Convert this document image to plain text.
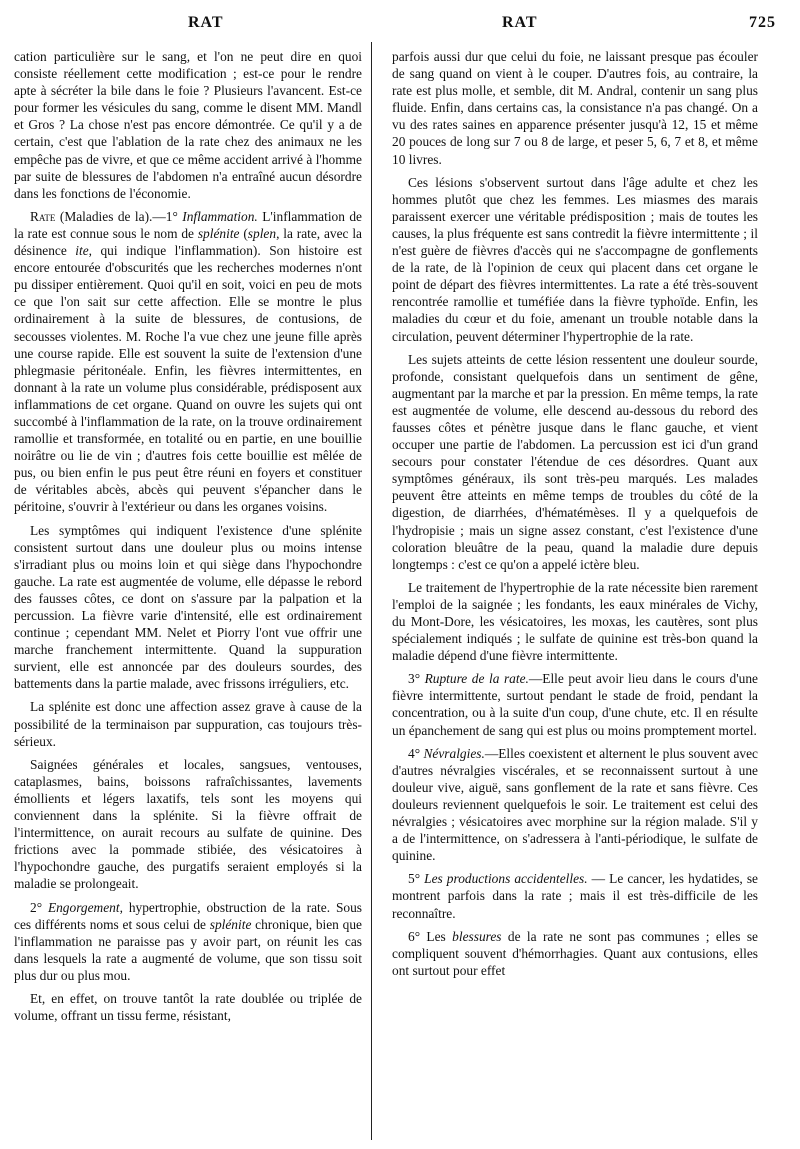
RAT	RAT	725

cation particulière sur le sang, et l'on ne peut dire en quoi consiste réellement cette modification ; est-ce pour le rendre apte à sécréter la bile dans le foie ? Plusieurs l'avancent. Est-ce pour former les vésicules du sang, comme le disent MM. Mandl et Gros ? La chose n'est pas encore démontrée. Ce qu'il y a de certain, c'est que l'ablation de la rate chez des animaux ne les empêche pas de vivre, et que ce même accident arrivé à l'homme par suite de blessures de l'abdomen n'a entraîné aucun désordre dans les fonctions de l'économie.

Rate (Maladies de la).—1° Inflammation. L'inflammation de la rate est connue sous le nom de splénite (splen, la rate, avec la désinence ite, qui indique l'inflammation). Son histoire est encore entourée d'obscurités que les recherches modernes n'ont pu dissiper entièrement. Quoi qu'il en soit, voici en peu de mots ce que l'on sait sur cette affection. Elle se montre le plus ordinairement à la suite de blessures, de contusions, de secousses violentes. M. Roche l'a vue chez une jeune fille après une course rapide. Elle est souvent la suite de l'extension d'une phlegmasie péritonéale. Enfin, les fièvres intermittentes, en donnant à la rate un volume plus considérable, prédisposent aux inflammations de cet organe. Quand on ouvre les sujets qui ont succombé à l'inflammation de la rate, on la trouve ordinairement ramollie et transformée, en totalité ou en partie, en une bouillie noirâtre ou lie de vin ; d'autres fois cette bouillie est mêlée de pus, ou bien enfin le pus peut être réuni en foyers et constituer de véritables abcès, abcès qui peuvent s'épancher dans le péritoine, s'ouvrir à l'extérieur ou dans les organes voisins.

Les symptômes qui indiquent l'existence d'une splénite consistent surtout dans une douleur plus ou moins intense s'irradiant plus ou moins loin et qui siège dans l'hypochondre gauche. La rate est augmentée de volume, elle dépasse le rebord des fausses côtes, ce dont on s'assure par la palpation et la percussion. La fièvre varie d'intensité, elle est ordinairement continue ; cependant MM. Nelet et Piorry l'ont vue offrir une marche franchement intermittente. Quand la suppuration survient, elle est annoncée par des douleurs sourdes, des battements dans la partie malade, avec frissons irréguliers, etc.

La splénite est donc une affection assez grave à cause de la possibilité de la terminaison par suppuration, cas toujours très-sérieux.

Saignées générales et locales, sangsues, ventouses, cataplasmes, bains, boissons rafraîchissantes, lavements émollients et légers laxatifs, tels sont les moyens qui conviennent dans la splénite. Si la fièvre offrait de l'intermittence, on aurait recours au sulfate de quinine. Des frictions avec la pommade stibiée, des vésicatoires à l'hypochondre gauche, des purgatifs seraient employés si la maladie se prolongeait.

2° Engorgement, hypertrophie, obstruction de la rate. Sous ces différents noms et sous celui de splénite chronique, bien que l'inflammation ne paraisse pas y avoir part, on réunit les cas dans lesquels la rate a augmenté de volume, que son tissu soit plus dur ou plus mou.

Et, en effet, on trouve tantôt la rate doublée ou triplée de volume, offrant un tissu ferme, résistant,

parfois aussi dur que celui du foie, ne laissant presque pas écouler de sang quand on vient à le couper. D'autres fois, au contraire, la rate est plus molle, et semble, dit M. Andral, contenir un sang plus fluide. Enfin, dans certains cas, la consistance n'a pas changé. On a vu des rates saines en apparence présenter jusqu'à 12, 15 et même 20 pouces de long sur 7 ou 8 de large, et peser 5, 6, 7 et 8, et même 10 livres.

Ces lésions s'observent surtout dans l'âge adulte et chez les hommes plutôt que chez les femmes. Les miasmes des marais paraissent exercer une véritable prédisposition ; mais de toutes les causes, la plus fréquente est sans contredit la fièvre intermittente ; il n'est guère de fièvres d'accès qui ne s'accompagne de gonflements de la rate, de là l'opinion de ceux qui placent dans cet organe le point de départ des fièvres intermittentes. La rate a été très-souvent rencontrée ramollie et tuméfiée dans la fièvre typhoïde. Enfin, les maladies du cœur et du foie, amenant un trouble notable dans la circulation, peuvent déterminer l'hypertrophie de la rate.

Les sujets atteints de cette lésion ressentent une douleur sourde, profonde, consistant quelquefois dans un sentiment de gêne, augmentant par la marche et par la pression. En même temps, la rate est augmentée de volume, elle descend au-dessous du rebord des fausses côtes et pénètre jusque dans le flanc gauche, et vient occuper une partie de l'abdomen. La percussion est ici d'un grand secours pour constater l'étendue de ces désordres. Quant aux symptômes généraux, ils sont très-peu marqués. Les malades peuvent être atteints en même temps de troubles du côté de la digestion, de diarrhées, d'hématémèses. Il y a quelquefois de l'hydropisie ; mais un signe assez constant, c'est l'existence d'une coloration bleuâtre de la peau, quand la maladie dure depuis longtemps : c'est ce qu'on a appelé ictère bleu.

Le traitement de l'hypertrophie de la rate nécessite bien rarement l'emploi de la saignée ; les fondants, les eaux minérales de Vichy, du Mont-Dore, les vésicatoires, les moxas, les cautères, sont plus spécialement indiqués ; le sulfate de quinine est très-bon quand la maladie dépend d'une fièvre intermittente.

3° Rupture de la rate.—Elle peut avoir lieu dans le cours d'une fièvre intermittente, surtout pendant le stade de froid, pendant la concentration, ou à la suite d'un coup, d'une chute, etc. Il en résulte un épanchement de sang qui est plus ou moins promptement mortel.

4° Névralgies.—Elles coexistent et alternent le plus souvent avec d'autres névralgies viscérales, et se reconnaissent surtout à une douleur vive, aiguë, sans gonflement de la rate et sans fièvre. Ces douleurs reviennent quelquefois le soir. Le traitement est celui des névralgies ; vésicatoires avec morphine sur la région malade. S'il y a de l'intermittence, on s'adressera à l'anti-périodique, le sulfate de quinine.

5° Les productions accidentelles. — Le cancer, les hydatides, se montrent parfois dans la rate ; mais il est très-difficile de les reconnaître.

6° Les blessures de la rate ne sont pas communes ; elles se compliquent souvent d'hémorrhagies. Quant aux contusions, elles ont surtout pour effet
